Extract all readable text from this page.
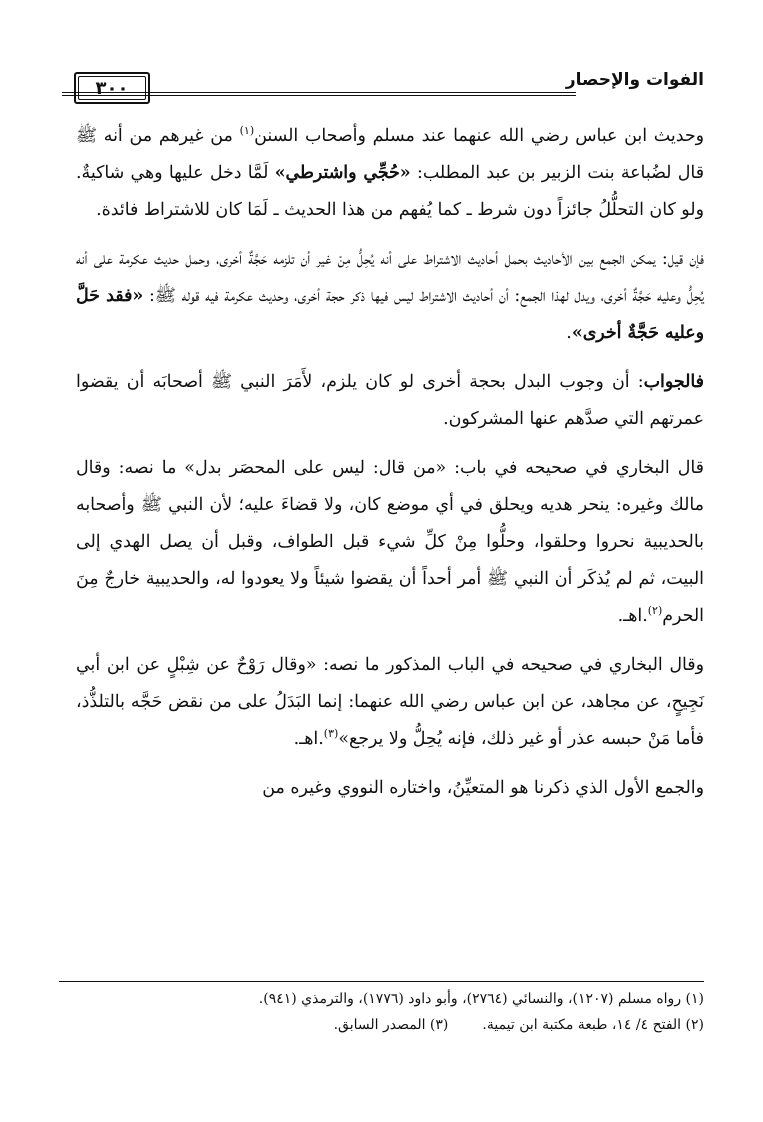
الفوات والإحصار
٣٠٠

وحديث ابن عباس رضي الله عنهما عند مسلم وأصحاب السنن$^{(١)}$ من غيرهم من أنه ﷺ قال لضُباعة بنت الزبير بن عبد المطلب: «حُجِّي واشترطي» لَمَّا دخل عليها وهي شاكيةٌ. ولو كان التحلُّلُ جائزاً دون شرط ـ كما يُفهم من هذا الحديث ـ لَمَا كان للاشتراط فائدة.

فإن قيل: يمكن الجمع بين الأحاديث بحمل أحاديث الاشتراط على أنه يُحِلُّ مِنْ غير أن تلزمه حَجَّةٌ أخرى، وحمل حديث عكرمة على أنه يُحِلُّ وعليه حَجَّةٌ أخرى، ويدل لهذا الجمع: أن أحاديث الاشتراط ليس فيها ذكر حجة أخرى، وحديث عكرمة فيه قوله ﷺ: «فقد حَلَّ وعليه حَجَّةٌ أخرى».

فالجواب: أن وجوب البدل بحجة أخرى لو كان يلزم، لأَمَرَ النبي ﷺ أصحابَه أن يقضوا عمرتهم التي صدَّهم عنها المشركون.

قال البخاري في صحيحه في باب: «من قال: ليس على المحصَر بدل» ما نصه: وقال مالك وغيره: ينحر هديه ويحلق في أي موضع كان، ولا قضاءَ عليه؛ لأن النبي ﷺ وأصحابه بالحديبية نحروا وحلقوا، وحلُّوا مِنْ كلِّ شيء قبل الطواف، وقبل أن يصل الهدي إلى البيت، ثم لم يُذكَر أن النبي ﷺ أمر أحداً أن يقضوا شيئاً ولا يعودوا له، والحديبية خارجٌ مِنَ الحرم$^{(٢)}$.اهـ.

وقال البخاري في صحيحه في الباب المذكور ما نصه: «وقال رَوْحٌ عن شِبْلٍ عن ابن أبي نَجِيحٍ، عن مجاهد، عن ابن عباس رضي الله عنهما: إنما البَدَلُ على من نقض حَجَّه بالتلذُّذ، فأما مَنْ حبسه عذر أو غير ذلك، فإنه يُحِلُّ ولا يرجع»$^{(٣)}$.اهـ.

والجمع الأول الذي ذكرنا هو المتعيِّنُ، واختاره النووي وغيره من

(١) رواه مسلم (١٢٠٧)، والنسائي (٢٧٦٤)، وأبو داود (١٧٧٦)، والترمذي (٩٤١).
(٢) الفتح ٤/ ١٤، طبعة مكتبة ابن تيمية.(٣) المصدر السابق.
